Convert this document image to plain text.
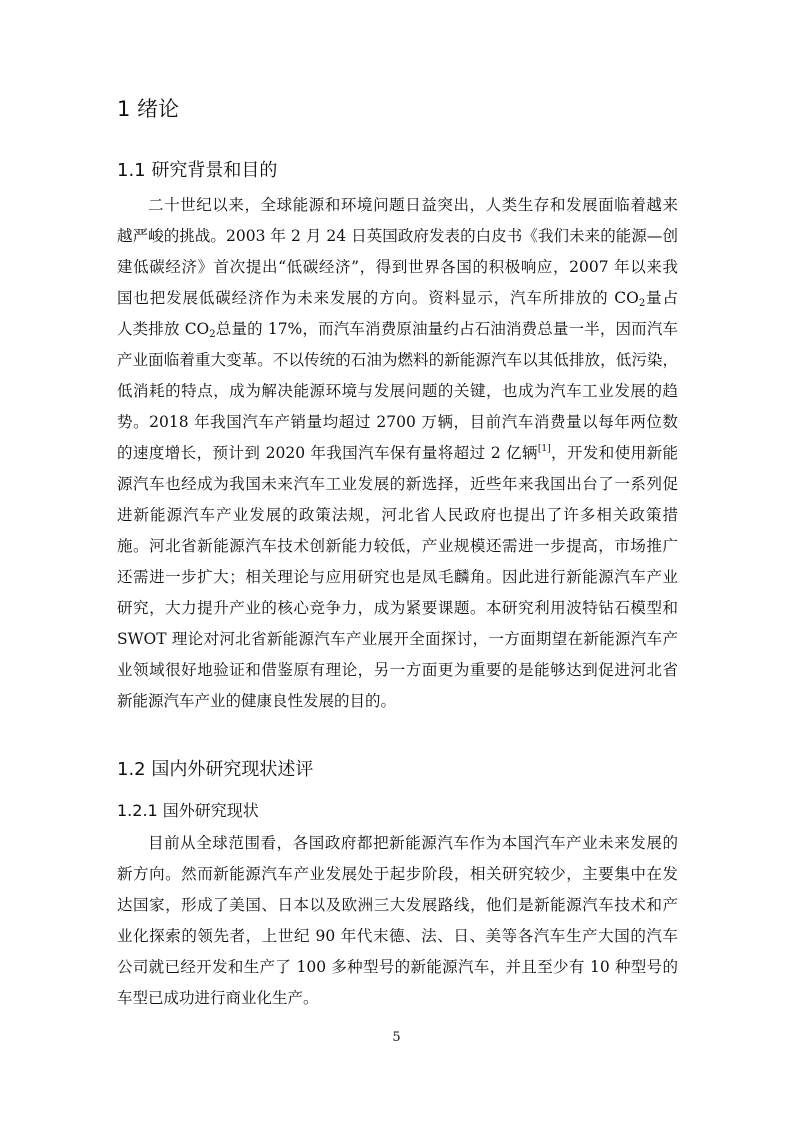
1 绪论
1.1 研究背景和目的
二十世纪以来，全球能源和环境问题日益突出，人类生存和发展面临着越来
越严峻的挑战。2003 年 2 月 24 日英国政府发表的白皮书《我们未来的能源—创
建低碳经济》首次提出“低碳经济”，得到世界各国的积极响应，2007 年以来我
国也把发展低碳经济作为未来发展的方向。资料显示，汽车所排放的 $CO_2$量占
人类排放 $CO_2$总量的 17%，而汽车消费原油量约占石油消费总量一半，因而汽车
产业面临着重大变革。不以传统的石油为燃料的新能源汽车以其低排放，低污染，
低消耗的特点，成为解决能源环境与发展问题的关键，也成为汽车工业发展的趋
势。2018 年我国汽车产销量均超过 2700 万辆，目前汽车消费量以每年两位数
的速度增长，预计到 2020 年我国汽车保有量将超过 2 亿辆[1]，开发和使用新能
源汽车也经成为我国未来汽车工业发展的新选择，近些年来我国出台了一系列促
进新能源汽车产业发展的政策法规，河北省人民政府也提出了许多相关政策措
施。河北省新能源汽车技术创新能力较低，产业规模还需进一步提高，市场推广
还需进一步扩大；相关理论与应用研究也是凤毛麟角。因此进行新能源汽车产业
研究，大力提升产业的核心竞争力，成为紧要课题。本研究利用波特钻石模型和
SWOT 理论对河北省新能源汽车产业展开全面探讨，一方面期望在新能源汽车产
业领域很好地验证和借鉴原有理论，另一方面更为重要的是能够达到促进河北省
新能源汽车产业的健康良性发展的目的。
1.2 国内外研究现状述评
1.2.1 国外研究现状
目前从全球范围看，各国政府都把新能源汽车作为本国汽车产业未来发展的
新方向。然而新能源汽车产业发展处于起步阶段，相关研究较少，主要集中在发
达国家，形成了美国、日本以及欧洲三大发展路线，他们是新能源汽车技术和产
业化探索的领先者，上世纪 90 年代末德、法、日、美等各汽车生产大国的汽车
公司就已经开发和生产了 100 多种型号的新能源汽车，并且至少有 10 种型号的
车型已成功进行商业化生产。
5
